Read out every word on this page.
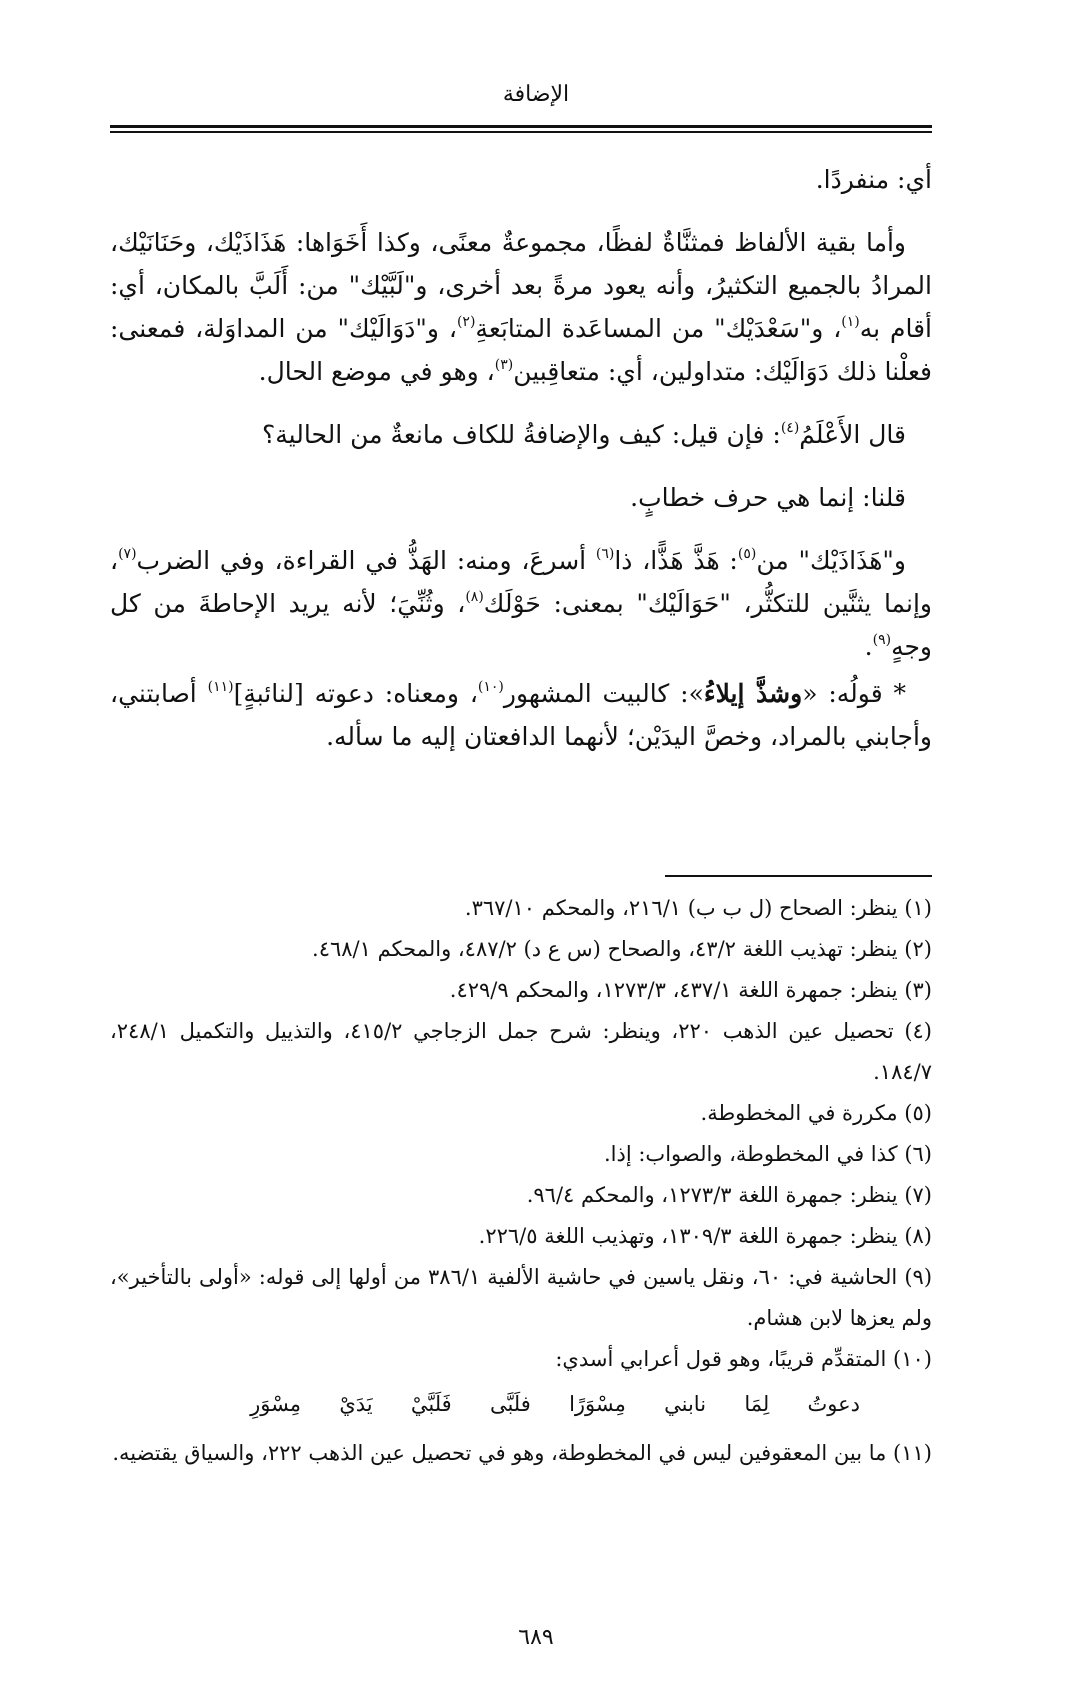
الإضافة

أي: منفردًا.

وأما بقية الألفاظ فمثنَّاةٌ لفظًا، مجموعةٌ معنًى، وكذا أَخَوَاها: هَذَاذَيْك، وحَنَانَيْك، المرادُ بالجميع التكثيرُ، وأنه يعود مرةً بعد أخرى، و"لَبَّيْك" من: أَلَبَّ بالمكان، أي: أقام به$^{(١)}$، و"سَعْدَيْك" من المساعَدة المتابَعةِ$^{(٢)}$، و"دَوَالَيْك" من المداوَلة، فمعنى: فعلْنا ذلك دَوَالَيْك: متداولين، أي: متعاقِبين$^{(٣)}$، وهو في موضع الحال.

قال الأَعْلَمُ$^{(٤)}$: فإن قيل: كيف والإضافةُ للكاف مانعةٌ من الحالية؟

قلنا: إنما هي حرف خطابٍ.

و"هَذَاذَيْك" من$^{(٥)}$: هَذَّ هَذًّا، ذا$^{(٦)}$ أسرعَ، ومنه: الهَذُّ في القراءة، وفي الضرب$^{(٧)}$، وإنما يثنَّين للتكثُّر، "حَوَالَيْك" بمعنى: حَوْلَك$^{(٨)}$، وثُنِّيَ؛ لأنه يريد الإحاطةَ من كل وجهٍ$^{(٩)}$.

* قولُه: «وشذَّ إيلاءُ»: كالبيت المشهور$^{(١٠)}$، ومعناه: دعوته [لنائبةٍ]$^{(١١)}$ أصابتني، وأجابني بالمراد، وخصَّ اليدَيْن؛ لأنهما الدافعتان إليه ما سأله.

(١) ينظر: الصحاح (ل ب ب) ٢١٦/١، والمحكم ٣٦٧/١٠.

(٢) ينظر: تهذيب اللغة ٤٣/٢، والصحاح (س ع د) ٤٨٧/٢، والمحكم ٤٦٨/١.

(٣) ينظر: جمهرة اللغة ٤٣٧/١، ١٢٧٣/٣، والمحكم ٤٢٩/٩.

(٤) تحصيل عين الذهب ٢٢٠، وينظر: شرح جمل الزجاجي ٤١٥/٢، والتذييل والتكميل ٢٤٨/١، ١٨٤/٧.

(٥) مكررة في المخطوطة.

(٦) كذا في المخطوطة، والصواب: إذا.

(٧) ينظر: جمهرة اللغة ١٢٧٣/٣، والمحكم ٩٦/٤.

(٨) ينظر: جمهرة اللغة ١٣٠٩/٣، وتهذيب اللغة ٢٢٦/٥.

(٩) الحاشية في: ٦٠، ونقل ياسين في حاشية الألفية ٣٨٦/١ من أولها إلى قوله: «أولى بالتأخير»، ولم يعزها لابن هشام.

(١٠) المتقدِّم قريبًا، وهو قول أعرابي أسدي:

دعوتُ
لِمَا
نابني
مِسْوَرًا
فلَبَّى
فَلَبَّيْ
يَدَيْ
مِسْوَرِ

(١١) ما بين المعقوفين ليس في المخطوطة، وهو في تحصيل عين الذهب ٢٢٢، والسياق يقتضيه.

٦٨٩
